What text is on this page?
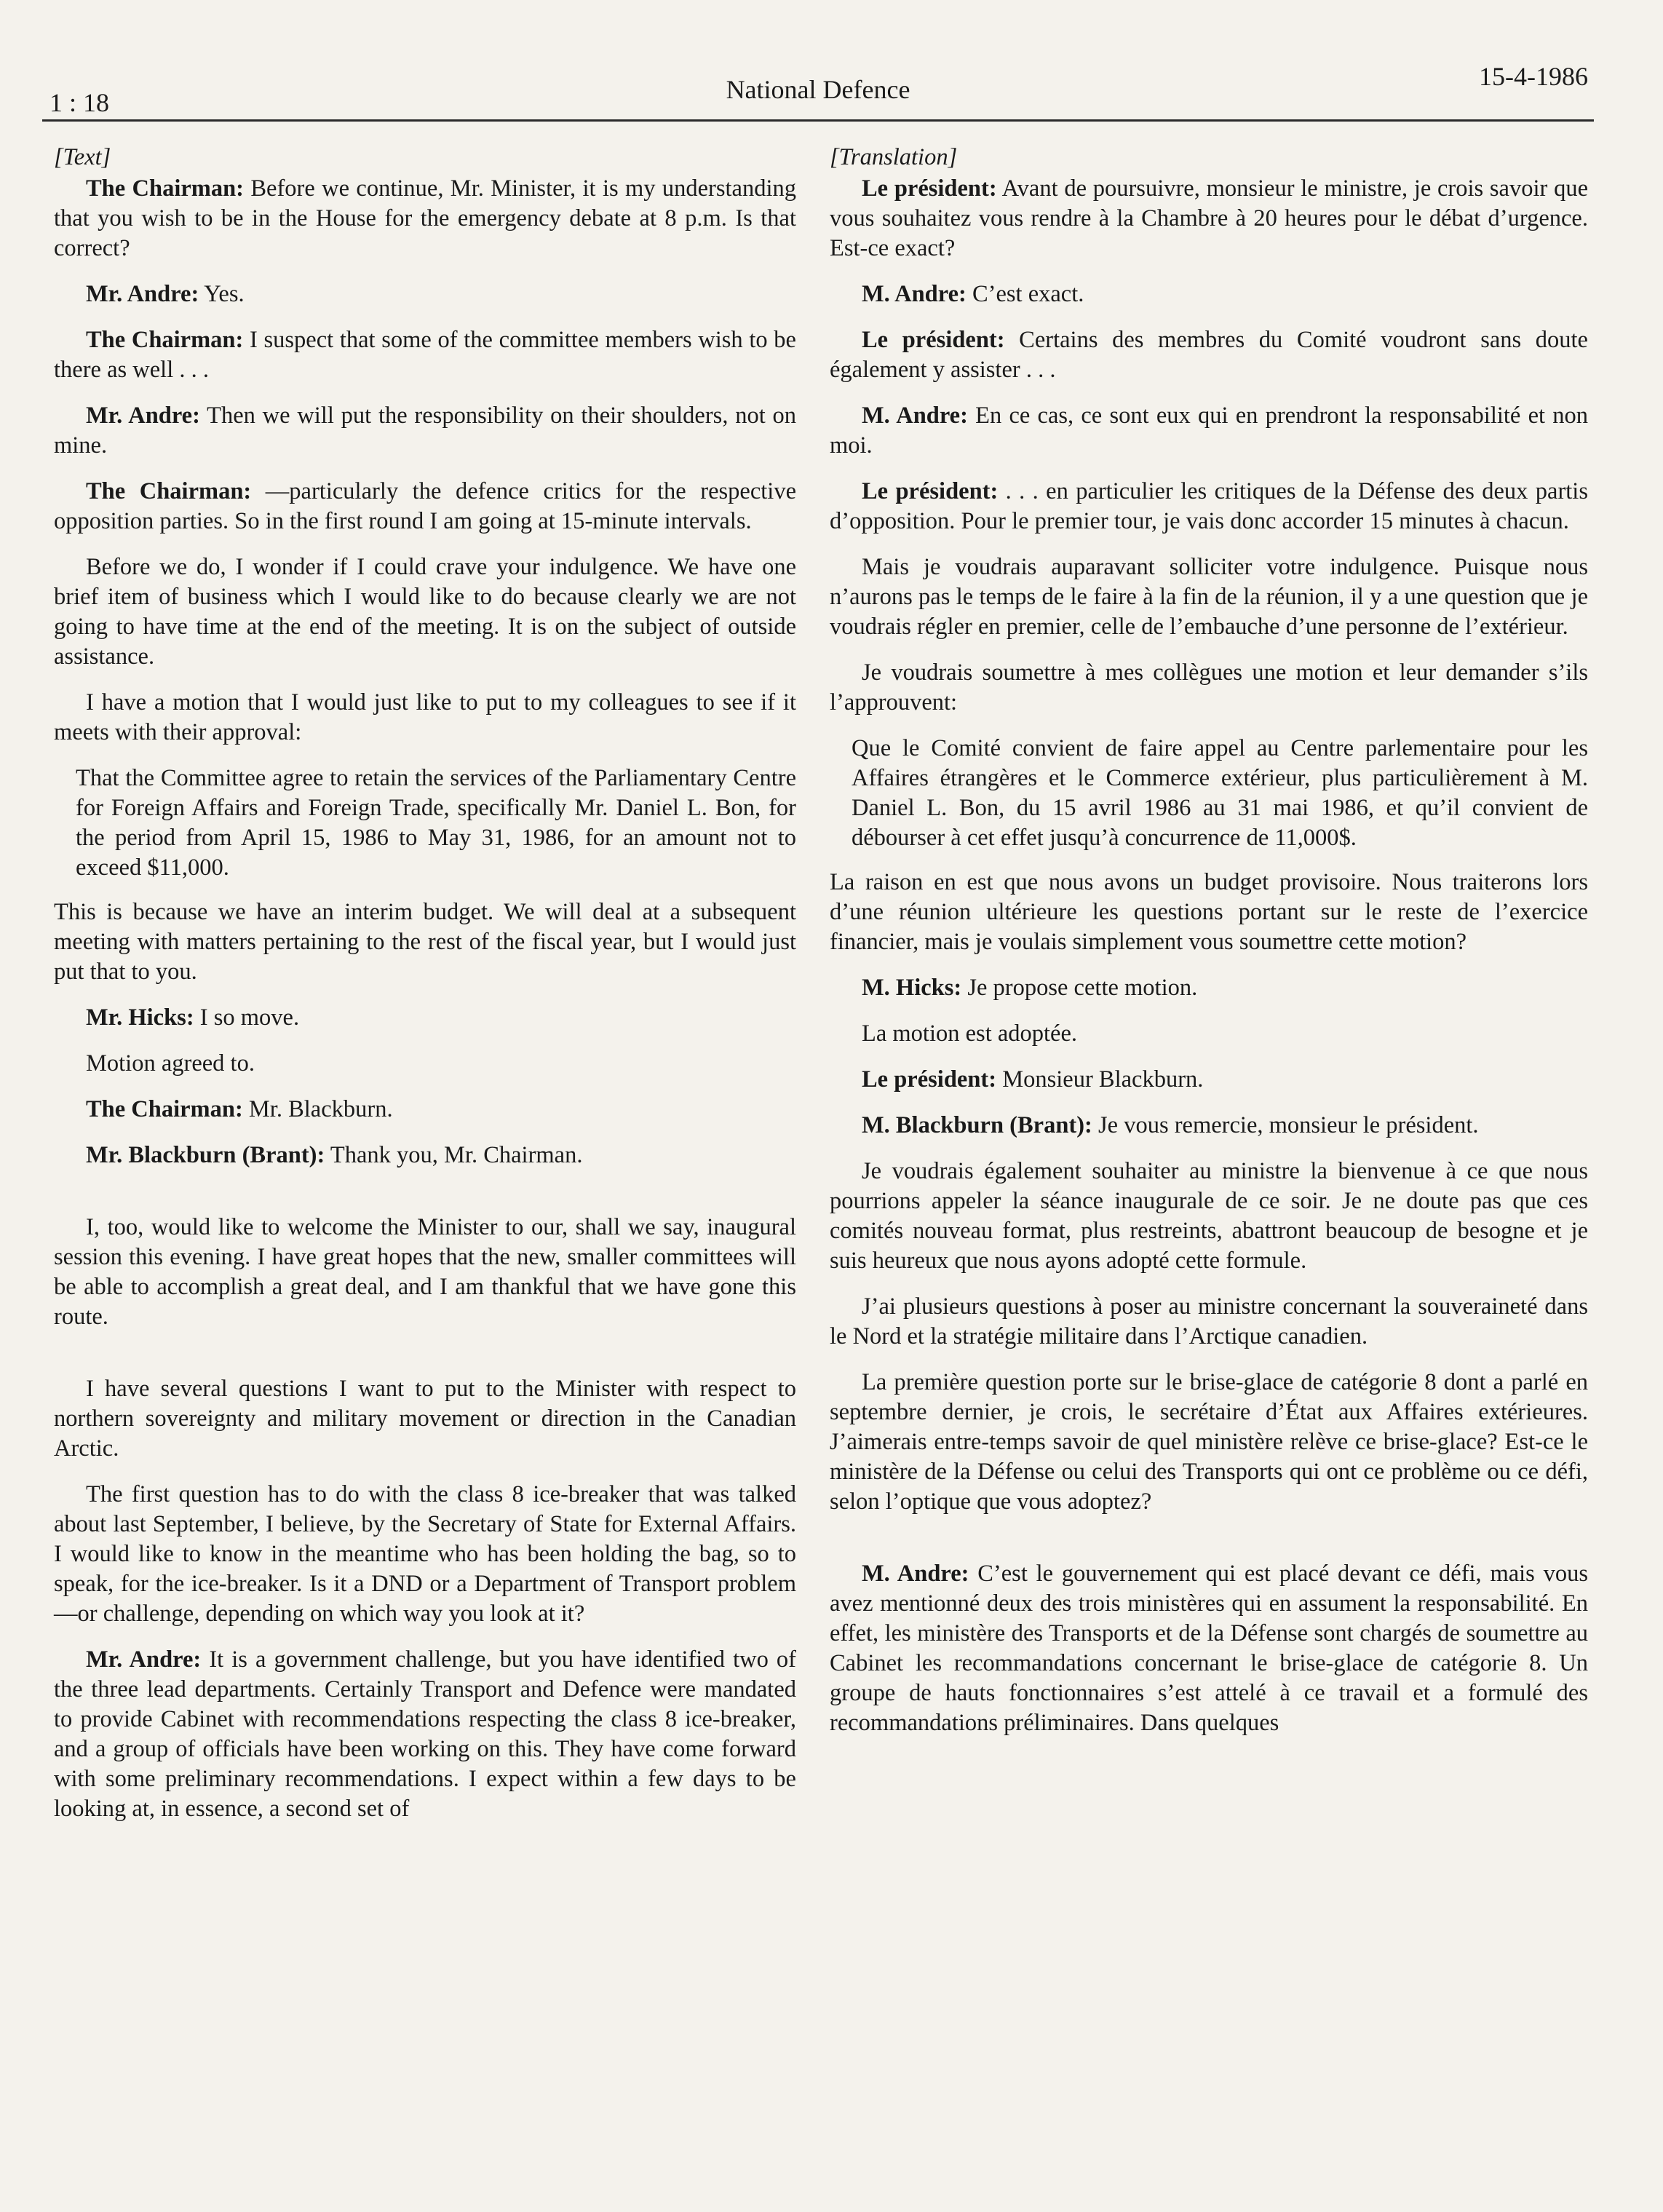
1 : 18	National Defence	15-4-1986

[Text]

The Chairman: Before we continue, Mr. Minister, it is my understanding that you wish to be in the House for the emergency debate at 8 p.m. Is that correct?

Mr. Andre: Yes.

The Chairman: I suspect that some of the committee members wish to be there as well . . .

Mr. Andre: Then we will put the responsibility on their shoulders, not on mine.

The Chairman: —particularly the defence critics for the respective opposition parties. So in the first round I am going at 15-minute intervals.

Before we do, I wonder if I could crave your indulgence. We have one brief item of business which I would like to do because clearly we are not going to have time at the end of the meeting. It is on the subject of outside assistance.

I have a motion that I would just like to put to my colleagues to see if it meets with their approval:

That the Committee agree to retain the services of the Parliamentary Centre for Foreign Affairs and Foreign Trade, specifically Mr. Daniel L. Bon, for the period from April 15, 1986 to May 31, 1986, for an amount not to exceed $11,000.

This is because we have an interim budget. We will deal at a subsequent meeting with matters pertaining to the rest of the fiscal year, but I would just put that to you.

Mr. Hicks: I so move.

Motion agreed to.

The Chairman: Mr. Blackburn.

Mr. Blackburn (Brant): Thank you, Mr. Chairman.

I, too, would like to welcome the Minister to our, shall we say, inaugural session this evening. I have great hopes that the new, smaller committees will be able to accomplish a great deal, and I am thankful that we have gone this route.

I have several questions I want to put to the Minister with respect to northern sovereignty and military movement or direction in the Canadian Arctic.

The first question has to do with the class 8 ice-breaker that was talked about last September, I believe, by the Secretary of State for External Affairs. I would like to know in the meantime who has been holding the bag, so to speak, for the ice-breaker. Is it a DND or a Department of Transport problem—or challenge, depending on which way you look at it?

Mr. Andre: It is a government challenge, but you have identified two of the three lead departments. Certainly Transport and Defence were mandated to provide Cabinet with recommendations respecting the class 8 ice-breaker, and a group of officials have been working on this. They have come forward with some preliminary recommendations. I expect within a few days to be looking at, in essence, a second set of

[Translation]

Le président: Avant de poursuivre, monsieur le ministre, je crois savoir que vous souhaitez vous rendre à la Chambre à 20 heures pour le débat d’urgence. Est-ce exact?

M. Andre: C’est exact.

Le président: Certains des membres du Comité voudront sans doute également y assister . . .

M. Andre: En ce cas, ce sont eux qui en prendront la responsabilité et non moi.

Le président: . . . en particulier les critiques de la Défense des deux partis d’opposition. Pour le premier tour, je vais donc accorder 15 minutes à chacun.

Mais je voudrais auparavant solliciter votre indulgence. Puisque nous n’aurons pas le temps de le faire à la fin de la réunion, il y a une question que je voudrais régler en premier, celle de l’embauche d’une personne de l’extérieur.

Je voudrais soumettre à mes collègues une motion et leur demander s’ils l’approuvent:

Que le Comité convient de faire appel au Centre parlementaire pour les Affaires étrangères et le Commerce extérieur, plus particulièrement à M. Daniel L. Bon, du 15 avril 1986 au 31 mai 1986, et qu’il convient de débourser à cet effet jusqu’à concurrence de 11,000$.

La raison en est que nous avons un budget provisoire. Nous traiterons lors d’une réunion ultérieure les questions portant sur le reste de l’exercice financier, mais je voulais simplement vous soumettre cette motion?

M. Hicks: Je propose cette motion.

La motion est adoptée.

Le président: Monsieur Blackburn.

M. Blackburn (Brant): Je vous remercie, monsieur le président.

Je voudrais également souhaiter au ministre la bienvenue à ce que nous pourrions appeler la séance inaugurale de ce soir. Je ne doute pas que ces comités nouveau format, plus restreints, abattront beaucoup de besogne et je suis heureux que nous ayons adopté cette formule.

J’ai plusieurs questions à poser au ministre concernant la souveraineté dans le Nord et la stratégie militaire dans l’Arctique canadien.

La première question porte sur le brise-glace de catégorie 8 dont a parlé en septembre dernier, je crois, le secrétaire d’État aux Affaires extérieures. J’aimerais entre-temps savoir de quel ministère relève ce brise-glace? Est-ce le ministère de la Défense ou celui des Transports qui ont ce problème ou ce défi, selon l’optique que vous adoptez?

M. Andre: C’est le gouvernement qui est placé devant ce défi, mais vous avez mentionné deux des trois ministères qui en assument la responsabilité. En effet, les ministère des Transports et de la Défense sont chargés de soumettre au Cabinet les recommandations concernant le brise-glace de catégorie 8. Un groupe de hauts fonctionnaires s’est attelé à ce travail et a formulé des recommandations préliminaires. Dans quelques
